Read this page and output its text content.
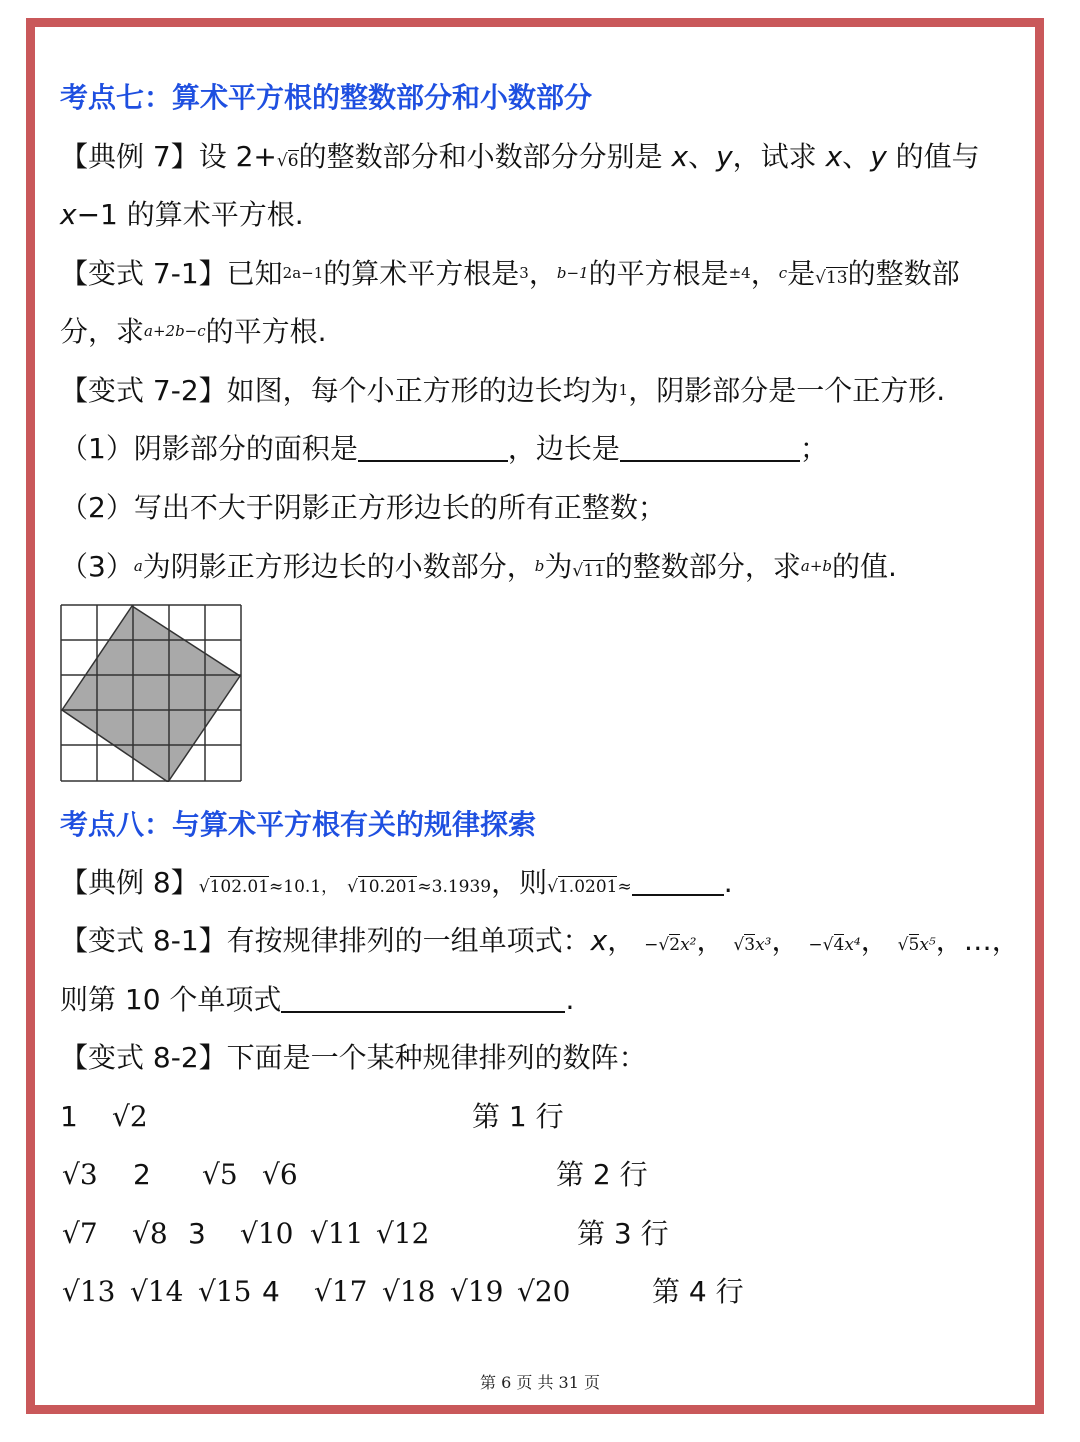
考点七：算术平方根的整数部分和小数部分
【典例 7】设 2+√6的整数部分和小数部分分别是 x、y，试求 x、y 的值与
x−1 的算术平方根.
【变式 7-1】已知2a−1的算术平方根是3，b−1的平方根是±4，c是√13的整数部
分，求a+2b−c的平方根.
【变式 7-2】如图，每个小正方形的边长均为1，阴影部分是一个正方形.
（1）阴影部分的面积是	，边长是	；
（2）写出不大于阴影正方形边长的所有正整数；
（3）a为阴影正方形边长的小数部分，b为√11的整数部分，求a+b的值.
考点八：与算术平方根有关的规律探索
【典例 8】√102.01≈10.1， √10.201≈3.1939，则√1.0201≈	.
【变式 8-1】有按规律排列的一组单项式：x， −√2x²， √3x³， −√4x⁴， √5x⁵，…，
则第 10 个单项式	.
【变式 8-2】下面是一个某种规律排列的数阵：
1 √2	第 1 行
√3 2 √5 √6	第 2 行
√7 √8 3 √10 √11 √12	第 3 行
√13 √14 √15 4 √17 √18 √19 √20	第 4 行
第 6 页 共 31 页
